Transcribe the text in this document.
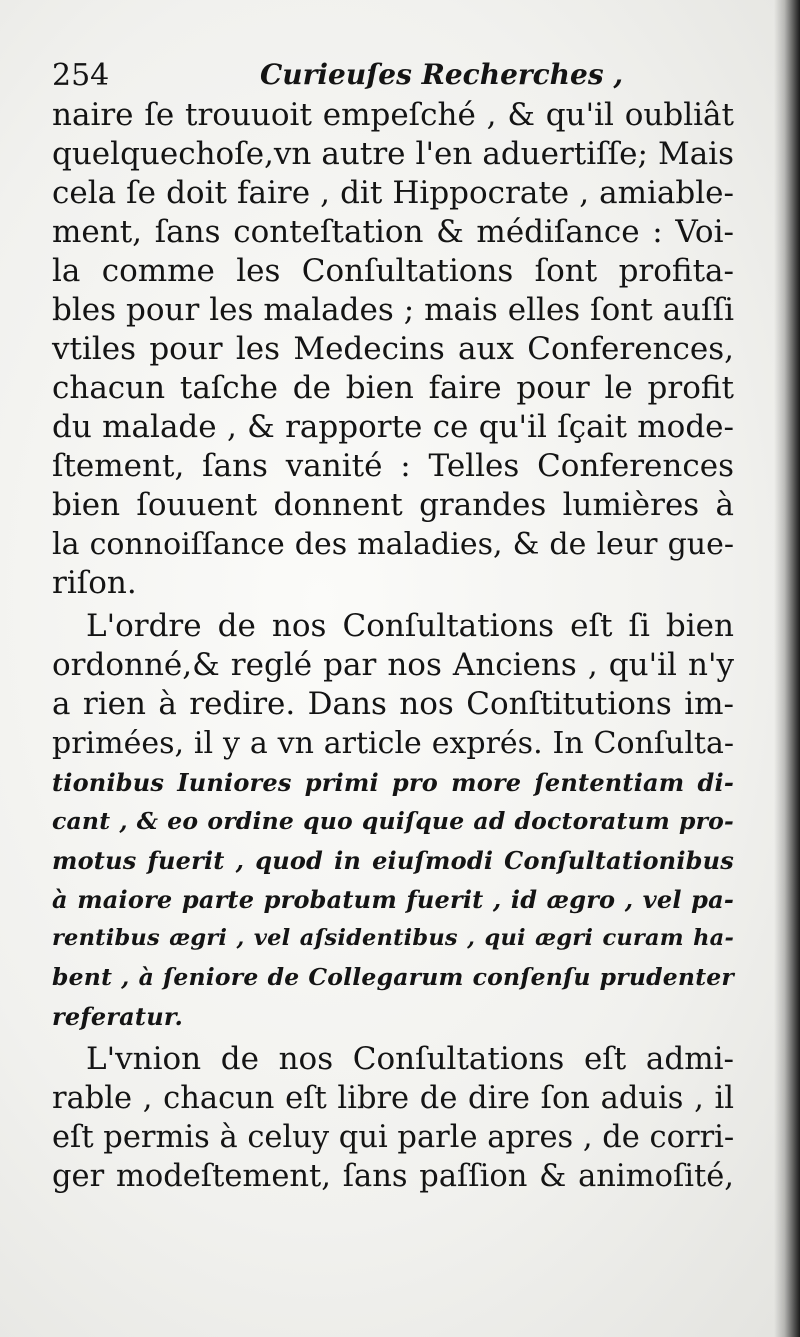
254	Curieuſes Recherches ,
naire ſe trouuoit empeſché , & qu'il oubliât
quelquechoſe,vn autre l'en aduertiſſe; Mais
cela ſe doit faire , dit Hippocrate , amiable-
ment, ſans conteſtation & médiſance : Voi-
la comme les Conſultations ſont profita-
bles pour les malades ; mais elles ſont auſſi
vtiles pour les Medecins aux Conferences,
chacun taſche de bien faire pour le profit
du malade , & rapporte ce qu'il ſçait mode-
ſtement, ſans vanité : Telles Conferences
bien ſouuent donnent grandes lumières à
la connoiſſance des maladies, & de leur gue-
riſon.
L'ordre de nos Conſultations eſt ſi bien
ordonné,& reglé par nos Anciens , qu'il n'y
a rien à redire. Dans nos Conſtitutions im-
primées, il y a vn article exprés. In Conſulta-
tionibus Iuniores primi pro more ſententiam di-
cant , & eo ordine quo quiſque ad doctoratum pro-
motus fuerit , quod in eiuſmodi Conſultationibus
à maiore parte probatum fuerit , id ægro , vel pa-
rentibus ægri , vel aſsidentibus , qui ægri curam ha-
bent , à ſeniore de Collegarum conſenſu prudenter
referatur.
L'vnion de nos Conſultations eſt admi-
rable , chacun eſt libre de dire ſon aduis , il
eſt permis à celuy qui parle apres , de corri-
ger modeſtement, ſans paſſion & animoſité,
